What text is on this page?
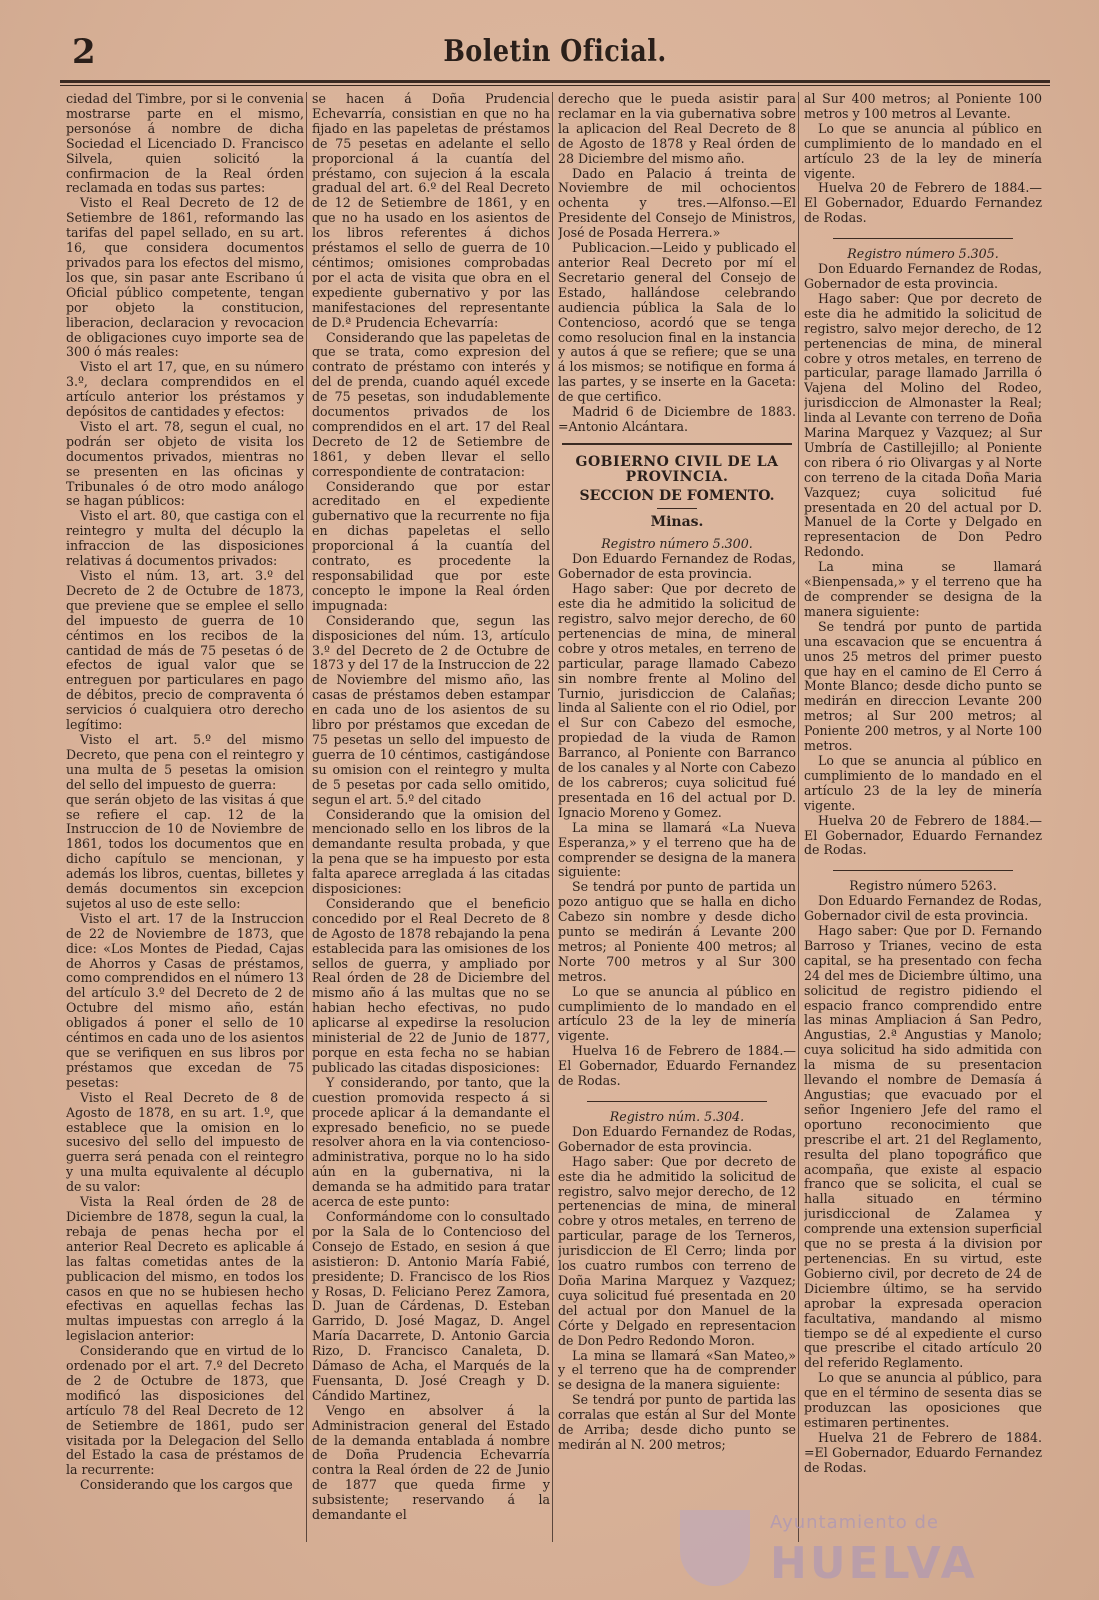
2	Boletin Oficial.

ciedad del Timbre, por si le convenia mostrarse parte en el mismo, personóse á nombre de dicha Sociedad el Licenciado D. Francisco Silvela, quien solicitó la confirmacion de la Real órden reclamada en todas sus partes:

Visto el Real Decreto de 12 de Setiembre de 1861, reformando las tarifas del papel sellado, en su art. 16, que considera documentos privados para los efectos del mismo, los que, sin pasar ante Escribano ú Oficial público competente, tengan por objeto la constitucion, liberacion, declaracion y revocacion de obligaciones cuyo importe sea de 300 ó más reales:

Visto el art 17, que, en su número 3.º, declara comprendidos en el artículo anterior los préstamos y depósitos de cantidades y efectos:

Visto el art. 78, segun el cual, no podrán ser objeto de visita los documentos privados, mientras no se presenten en las oficinas y Tribunales ó de otro modo análogo se hagan públicos:

Visto el art. 80, que castiga con el reintegro y multa del décuplo la infraccion de las disposiciones relativas á documentos privados:

Visto el núm. 13, art. 3.º del Decreto de 2 de Octubre de 1873, que previene que se emplee el sello del impuesto de guerra de 10 céntimos en los recibos de la cantidad de más de 75 pesetas ó de efectos de igual valor que se entreguen por particulares en pago de débitos, precio de compraventa ó servicios ó cualquiera otro derecho legítimo:

Visto el art. 5.º del mismo Decreto, que pena con el reintegro y una multa de 5 pesetas la omision del sello del impuesto de guerra:

que serán objeto de las visitas á que se refiere el cap. 12 de la Instruccion de 10 de Noviembre de 1861, todos los documentos que en dicho capítulo se mencionan, y además los libros, cuentas, billetes y demás documentos sin excepcion sujetos al uso de este sello:

Visto el art. 17 de la Instruccion de 22 de Noviembre de 1873, que dice: «Los Montes de Piedad, Cajas de Ahorros y Casas de préstamos, como comprendidos en el número 13 del artículo 3.º del Decreto de 2 de Octubre del mismo año, están obligados á poner el sello de 10 céntimos en cada uno de los asientos que se verifiquen en sus libros por préstamos que excedan de 75 pesetas:

Visto el Real Decreto de 8 de Agosto de 1878, en su art. 1.º, que establece que la omision en lo sucesivo del sello del impuesto de guerra será penada con el reintegro y una multa equivalente al décuplo de su valor:

Vista la Real órden de 28 de Diciembre de 1878, segun la cual, la rebaja de penas hecha por el anterior Real Decreto es aplicable á las faltas cometidas antes de la publicacion del mismo, en todos los casos en que no se hubiesen hecho efectivas en aquellas fechas las multas impuestas con arreglo á la legislacion anterior:

Considerando que en virtud de lo ordenado por el art. 7.º del Decreto de 2 de Octubre de 1873, que modificó las disposiciones del artículo 78 del Real Decreto de 12 de Setiembre de 1861, pudo ser visitada por la Delegacion del Sello del Estado la casa de préstamos de la recurrente:

Considerando que los cargos que

se hacen á Doña Prudencia Echevarría, consistian en que no ha fijado en las papeletas de préstamos de 75 pesetas en adelante el sello proporcional á la cuantía del préstamo, con sujecion á la escala gradual del art. 6.º del Real Decreto de 12 de Setiembre de 1861, y en que no ha usado en los asientos de los libros referentes á dichos préstamos el sello de guerra de 10 céntimos; omisiones comprobadas por el acta de visita que obra en el expediente gubernativo y por las manifestaciones del representante de D.ª Prudencia Echevarría:

Considerando que las papeletas de que se trata, como expresion del contrato de préstamo con interés y del de prenda, cuando aquél excede de 75 pesetas, son indudablemente documentos privados de los comprendidos en el art. 17 del Real Decreto de 12 de Setiembre de 1861, y deben llevar el sello correspondiente de contratacion:

Considerando que por estar acreditado en el expediente gubernativo que la recurrente no fija en dichas papeletas el sello proporcional á la cuantía del contrato, es procedente la responsabilidad que por este concepto le impone la Real órden impugnada:

Considerando que, segun las disposiciones del núm. 13, artículo 3.º del Decreto de 2 de Octubre de 1873 y del 17 de la Instruccion de 22 de Noviembre del mismo año, las casas de préstamos deben estampar en cada uno de los asientos de su libro por préstamos que excedan de 75 pesetas un sello del impuesto de guerra de 10 céntimos, castigándose su omision con el reintegro y multa de 5 pesetas por cada sello omitido, segun el art. 5.º del citado

Considerando que la omision del mencionado sello en los libros de la demandante resulta probada, y que la pena que se ha impuesto por esta falta aparece arreglada á las citadas disposiciones:

Considerando que el beneficio concedido por el Real Decreto de 8 de Agosto de 1878 rebajando la pena establecida para las omisiones de los sellos de guerra, y ampliado por Real órden de 28 de Diciembre del mismo año á las multas que no se habian hecho efectivas, no pudo aplicarse al expedirse la resolucion ministerial de 22 de Junio de 1877, porque en esta fecha no se habian publicado las citadas disposiciones:

Y considerando, por tanto, que la cuestion promovida respecto á si procede aplicar á la demandante el expresado beneficio, no se puede resolver ahora en la via contencioso-administrativa, porque no lo ha sido aún en la gubernativa, ni la demanda se ha admitido para tratar acerca de este punto:

Conformándome con lo consultado por la Sala de lo Contencioso del Consejo de Estado, en sesion á que asistieron: D. Antonio María Fabié, presidente; D. Francisco de los Rios y Rosas, D. Feliciano Perez Zamora, D. Juan de Cárdenas, D. Esteban Garrido, D. José Magaz, D. Angel María Dacarrete, D. Antonio Garcia Rizo, D. Francisco Canaleta, D. Dámaso de Acha, el Marqués de la Fuensanta, D. José Creagh y D. Cándido Martinez,

Vengo en absolver á la Administracion general del Estado de la demanda entablada á nombre de Doña Prudencia Echevarría contra la Real órden de 22 de Junio de 1877 que queda firme y subsistente; reservando á la demandante el

derecho que le pueda asistir para reclamar en la via gubernativa sobre la aplicacion del Real Decreto de 8 de Agosto de 1878 y Real órden de 28 Diciembre del mismo año.

Dado en Palacio á treinta de Noviembre de mil ochocientos ochenta y tres.—Alfonso.—El Presidente del Consejo de Ministros, José de Posada Herrera.»

Publicacion.—Leido y publicado el anterior Real Decreto por mí el Secretario general del Consejo de Estado, hallándose celebrando audiencia pública la Sala de lo Contencioso, acordó que se tenga como resolucion final en la instancia y autos á que se refiere; que se una á los mismos; se notifique en forma á las partes, y se inserte en la Gaceta: de que certifico.

Madrid 6 de Diciembre de 1883. =Antonio Alcántara.

GOBIERNO CIVIL DE LA PROVINCIA.
SECCION DE FOMENTO.
Minas.

Registro número 5.300.

Don Eduardo Fernandez de Rodas, Gobernador de esta provincia.

Hago saber: Que por decreto de este dia he admitido la solicitud de registro, salvo mejor derecho, de 60 pertenencias de mina, de mineral cobre y otros metales, en terreno de particular, parage llamado Cabezo sin nombre frente al Molino del Turnio, jurisdiccion de Calañas; linda al Saliente con el rio Odiel, por el Sur con Cabezo del esmoche, propiedad de la viuda de Ramon Barranco, al Poniente con Barranco de los canales y al Norte con Cabezo de los cabreros; cuya solicitud fué presentada en 16 del actual por D. Ignacio Moreno y Gomez.

La mina se llamará «La Nueva Esperanza,» y el terreno que ha de comprender se designa de la manera siguiente:

Se tendrá por punto de partida un pozo antiguo que se halla en dicho Cabezo sin nombre y desde dicho punto se medirán á Levante 200 metros; al Poniente 400 metros; al Norte 700 metros y al Sur 300 metros.

Lo que se anuncia al público en cumplimiento de lo mandado en el artículo 23 de la ley de minería vigente.

Huelva 16 de Febrero de 1884.—El Gobernador, Eduardo Fernandez de Rodas.

Registro núm. 5.304.

Don Eduardo Fernandez de Rodas, Gobernador de esta provincia.

Hago saber: Que por decreto de este dia he admitido la solicitud de registro, salvo mejor derecho, de 12 pertenencias de mina, de mineral cobre y otros metales, en terreno de particular, parage de los Terneros, jurisdiccion de El Cerro; linda por los cuatro rumbos con terreno de Doña Marina Marquez y Vazquez; cuya solicitud fué presentada en 20 del actual por don Manuel de la Córte y Delgado en representacion de Don Pedro Redondo Moron.

La mina se llamará «San Mateo,» y el terreno que ha de comprender se designa de la manera siguiente:

Se tendrá por punto de partida las corralas que están al Sur del Monte de Arriba; desde dicho punto se medirán al N. 200 metros;

al Sur 400 metros; al Poniente 100 metros y 100 metros al Levante.

Lo que se anuncia al público en cumplimiento de lo mandado en el artículo 23 de la ley de minería vigente.

Huelva 20 de Febrero de 1884.—El Gobernador, Eduardo Fernandez de Rodas.

Registro número 5.305.

Don Eduardo Fernandez de Rodas, Gobernador de esta provincia.

Hago saber: Que por decreto de este dia he admitido la solicitud de registro, salvo mejor derecho, de 12 pertenencias de mina, de mineral cobre y otros metales, en terreno de particular, parage llamado Jarrilla ó Vajena del Molino del Rodeo, jurisdiccion de Almonaster la Real; linda al Levante con terreno de Doña Marina Marquez y Vazquez; al Sur Umbría de Castillejillo; al Poniente con ribera ó rio Olivargas y al Norte con terreno de la citada Doña Maria Vazquez; cuya solicitud fué presentada en 20 del actual por D. Manuel de la Corte y Delgado en representacion de Don Pedro Redondo.

La mina se llamará «Bienpensada,» y el terreno que ha de comprender se designa de la manera siguiente:

Se tendrá por punto de partida una escavacion que se encuentra á unos 25 metros del primer puesto que hay en el camino de El Cerro á Monte Blanco; desde dicho punto se medirán en direccion Levante 200 metros; al Sur 200 metros; al Poniente 200 metros, y al Norte 100 metros.

Lo que se anuncia al público en cumplimiento de lo mandado en el artículo 23 de la ley de minería vigente.

Huelva 20 de Febrero de 1884.—El Gobernador, Eduardo Fernandez de Rodas.

Registro número 5263.

Don Eduardo Fernandez de Rodas, Gobernador civil de esta provincia.

Hago saber: Que por D. Fernando Barroso y Trianes, vecino de esta capital, se ha presentado con fecha 24 del mes de Diciembre último, una solicitud de registro pidiendo el espacio franco comprendido entre las minas Ampliacion á San Pedro, Angustias, 2.ª Angustias y Manolo; cuya solicitud ha sido admitida con la misma de su presentacion llevando el nombre de Demasía á Angustias; que evacuado por el señor Ingeniero Jefe del ramo el oportuno reconocimiento que prescribe el art. 21 del Reglamento, resulta del plano topográfico que acompaña, que existe al espacio franco que se solicita, el cual se halla situado en término jurisdiccional de Zalamea y comprende una extension superficial que no se presta á la division por pertenencias. En su virtud, este Gobierno civil, por decreto de 24 de Diciembre último, se ha servido aprobar la expresada operacion facultativa, mandando al mismo tiempo se dé al expediente el curso que prescribe el citado artículo 20 del referido Reglamento.

Lo que se anuncia al público, para que en el término de sesenta dias se produzcan las oposiciones que estimaren pertinentes.

Huelva 21 de Febrero de 1884. =El Gobernador, Eduardo Fernandez de Rodas.

Ayuntamiento de
HUELVA
